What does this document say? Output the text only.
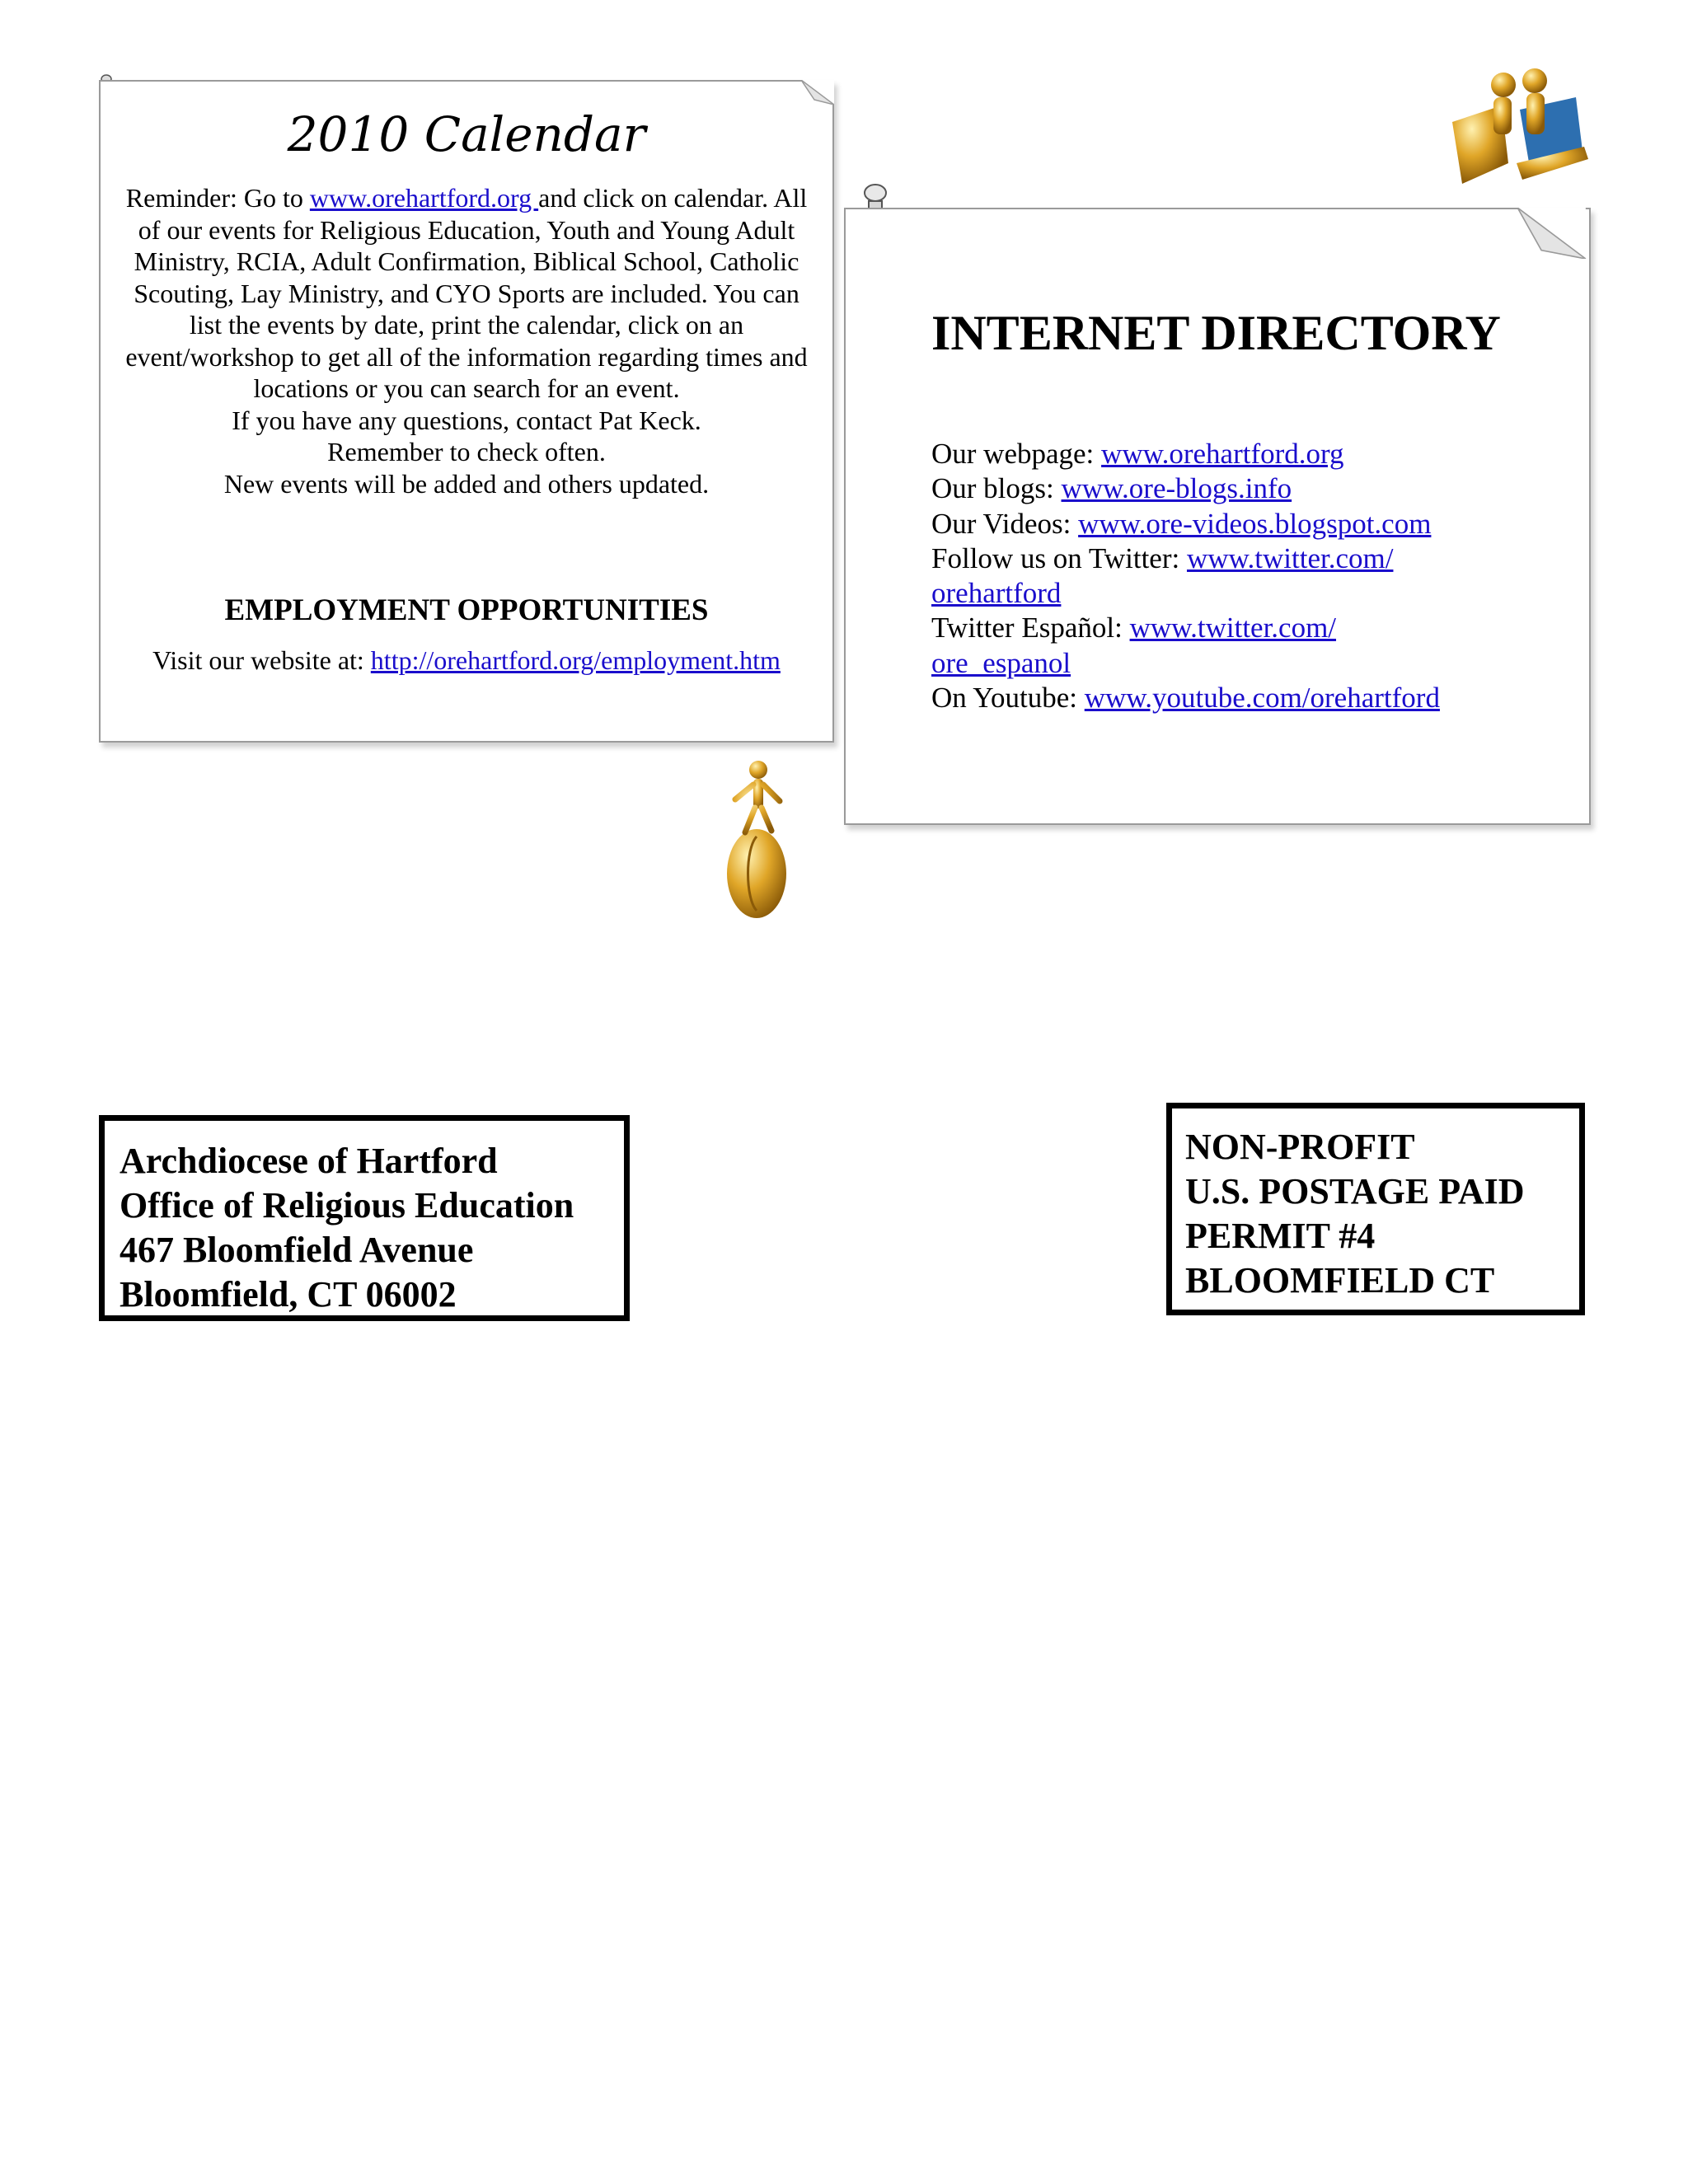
2010 Calendar
Reminder: Go to www.orehartford.org and click on calendar. All of our events for Religious Education, Youth and Young Adult Ministry, RCIA, Adult Confirmation, Biblical School, Catholic Scouting, Lay Ministry, and CYO Sports are included. You can list the events by date, print the calendar, click on an event/workshop to get all of the information regarding times and locations or you can search for an event.
If you have any questions, contact Pat Keck.
Remember to check often.
New events will be added and others updated.
EMPLOYMENT OPPORTUNITIES
Visit our website at: http://orehartford.org/employment.htm
INTERNET DIRECTORY
Our webpage: www.orehartford.org
Our blogs: www.ore-blogs.info
Our Videos: www.ore-videos.blogspot.com
Follow us on Twitter: www.twitter.com/
orehartford
Twitter Español: www.twitter.com/
ore_espanol
On Youtube: www.youtube.com/orehartford
Archdiocese of Hartford
Office of Religious Education
467 Bloomfield Avenue
Bloomfield, CT 06002
NON-PROFIT
U.S. POSTAGE PAID
PERMIT #4
BLOOMFIELD CT
